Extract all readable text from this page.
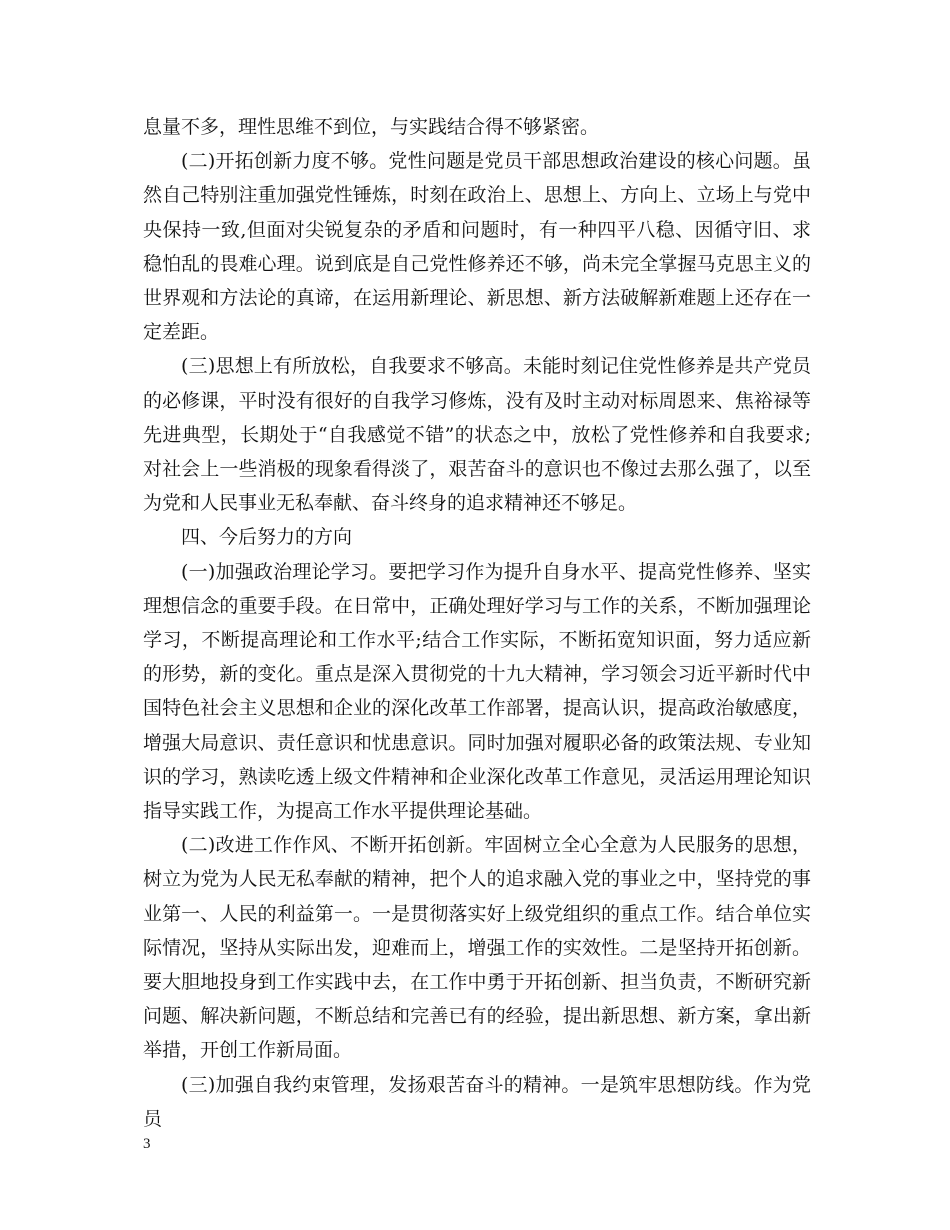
息量不多，理性思维不到位，与实践结合得不够紧密。

(二)开拓创新力度不够。党性问题是党员干部思想政治建设的核心问题。虽然自己特别注重加强党性锤炼，时刻在政治上、思想上、方向上、立场上与党中央保持一致,但面对尖锐复杂的矛盾和问题时，有一种四平八稳、因循守旧、求稳怕乱的畏难心理。说到底是自己党性修养还不够，尚未完全掌握马克思主义的世界观和方法论的真谛，在运用新理论、新思想、新方法破解新难题上还存在一定差距。

(三)思想上有所放松，自我要求不够高。未能时刻记住党性修养是共产党员的必修课，平时没有很好的自我学习修炼，没有及时主动对标周恩来、焦裕禄等先进典型，长期处于“自我感觉不错”的状态之中，放松了党性修养和自我要求;对社会上一些消极的现象看得淡了，艰苦奋斗的意识也不像过去那么强了，以至为党和人民事业无私奉献、奋斗终身的追求精神还不够足。

四、今后努力的方向

(一)加强政治理论学习。要把学习作为提升自身水平、提高党性修养、坚实理想信念的重要手段。在日常中，正确处理好学习与工作的关系，不断加强理论学习，不断提高理论和工作水平;结合工作实际，不断拓宽知识面，努力适应新的形势，新的变化。重点是深入贯彻党的十九大精神，学习领会习近平新时代中国特色社会主义思想和企业的深化改革工作部署，提高认识，提高政治敏感度，增强大局意识、责任意识和忧患意识。同时加强对履职必备的政策法规、专业知识的学习，熟读吃透上级文件精神和企业深化改革工作意见，灵活运用理论知识指导实践工作，为提高工作水平提供理论基础。

(二)改进工作作风、不断开拓创新。牢固树立全心全意为人民服务的思想，树立为党为人民无私奉献的精神，把个人的追求融入党的事业之中，坚持党的事业第一、人民的利益第一。一是贯彻落实好上级党组织的重点工作。结合单位实际情况，坚持从实际出发，迎难而上，增强工作的实效性。二是坚持开拓创新。要大胆地投身到工作实践中去，在工作中勇于开拓创新、担当负责，不断研究新问题、解决新问题，不断总结和完善已有的经验，提出新思想、新方案，拿出新举措，开创工作新局面。

(三)加强自我约束管理，发扬艰苦奋斗的精神。一是筑牢思想防线。作为党员

3
